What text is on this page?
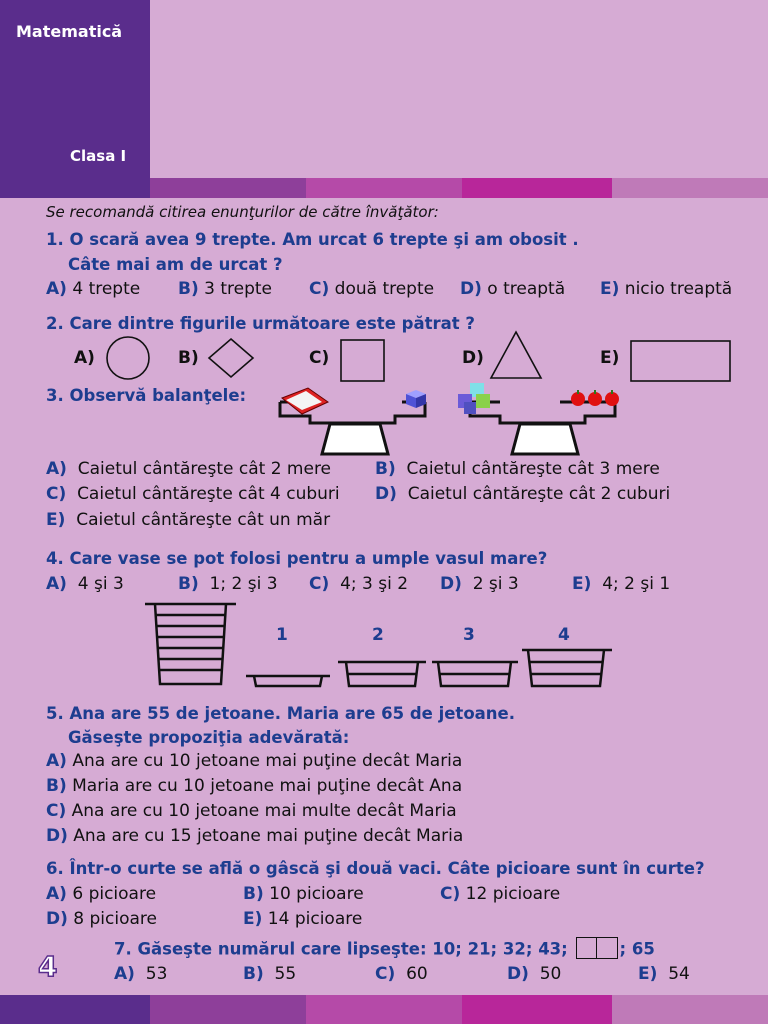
Matematică
Clasa I
Se recomandă citirea enunţurilor de către învăţător:
1. O scară avea 9 trepte. Am urcat 6 trepte şi am obosit .
Câte mai am de urcat ?
A) 4 trepte B) 3 trepte C) două trepte D) o treaptă E) nicio treaptă
2. Care dintre figurile următoare este pătrat ?
A)	B)	C)	D)	E)
3. Observă balanţele:
A) Caietul cântăreşte cât 2 mere	B) Caietul cântăreşte cât 3 mere
C) Caietul cântăreşte cât 4 cuburi D) Caietul cântăreşte cât 2 cuburi
E) Caietul cântăreşte cât un măr
4. Care vase se pot folosi pentru a umple vasul mare?
A) 4 şi 3	B) 1; 2 şi 3 C) 4; 3 şi 2 D) 2 şi 3	E) 4; 2 şi 1
1	2	3	4
5. Ana are 55 de jetoane. Maria are 65 de jetoane.
Găseşte propoziţia adevărată:
A) Ana are cu 10 jetoane mai puţine decât Maria
B) Maria are cu 10 jetoane mai puţine decât Ana
C) Ana are cu 10 jetoane mai multe decât Maria
D) Ana are cu 15 jetoane mai puţine decât Maria
6. Într-o curte se află o gâscă şi două vaci. Câte picioare sunt în curte?
A) 6 picioare	B) 10 picioare	C) 12 picioare
D) 8 picioare	E) 14 picioare
7. Găseşte numărul care lipseşte: 10; 21; 32; 43;	; 65
A) 53	B) 55	C) 60	D) 50	E) 54
4
